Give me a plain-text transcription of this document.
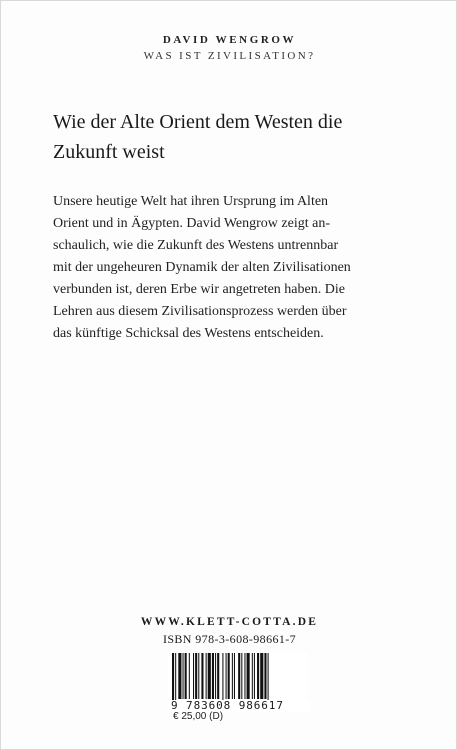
DAVID WENGROW
WAS IST ZIVILISATION?
Wie der Alte Orient dem Westen die
Zukunft weist

Unsere heutige Welt hat ihren Ursprung im Alten

Orient und in Ägypten. David Wengrow zeigt an-

schaulich, wie die Zukunft des Westens untrennbar

mit der ungeheuren Dynamik der alten Zivilisationen

verbunden ist, deren Erbe wir angetreten haben. Die

Lehren aus diesem Zivilisationsprozess werden über

das künftige Schicksal des Westens entscheiden.

WWW.KLETT-COTTA.DE
ISBN 978-3-608-98661-7
9 783608 986617
€ 25,00 (D)
